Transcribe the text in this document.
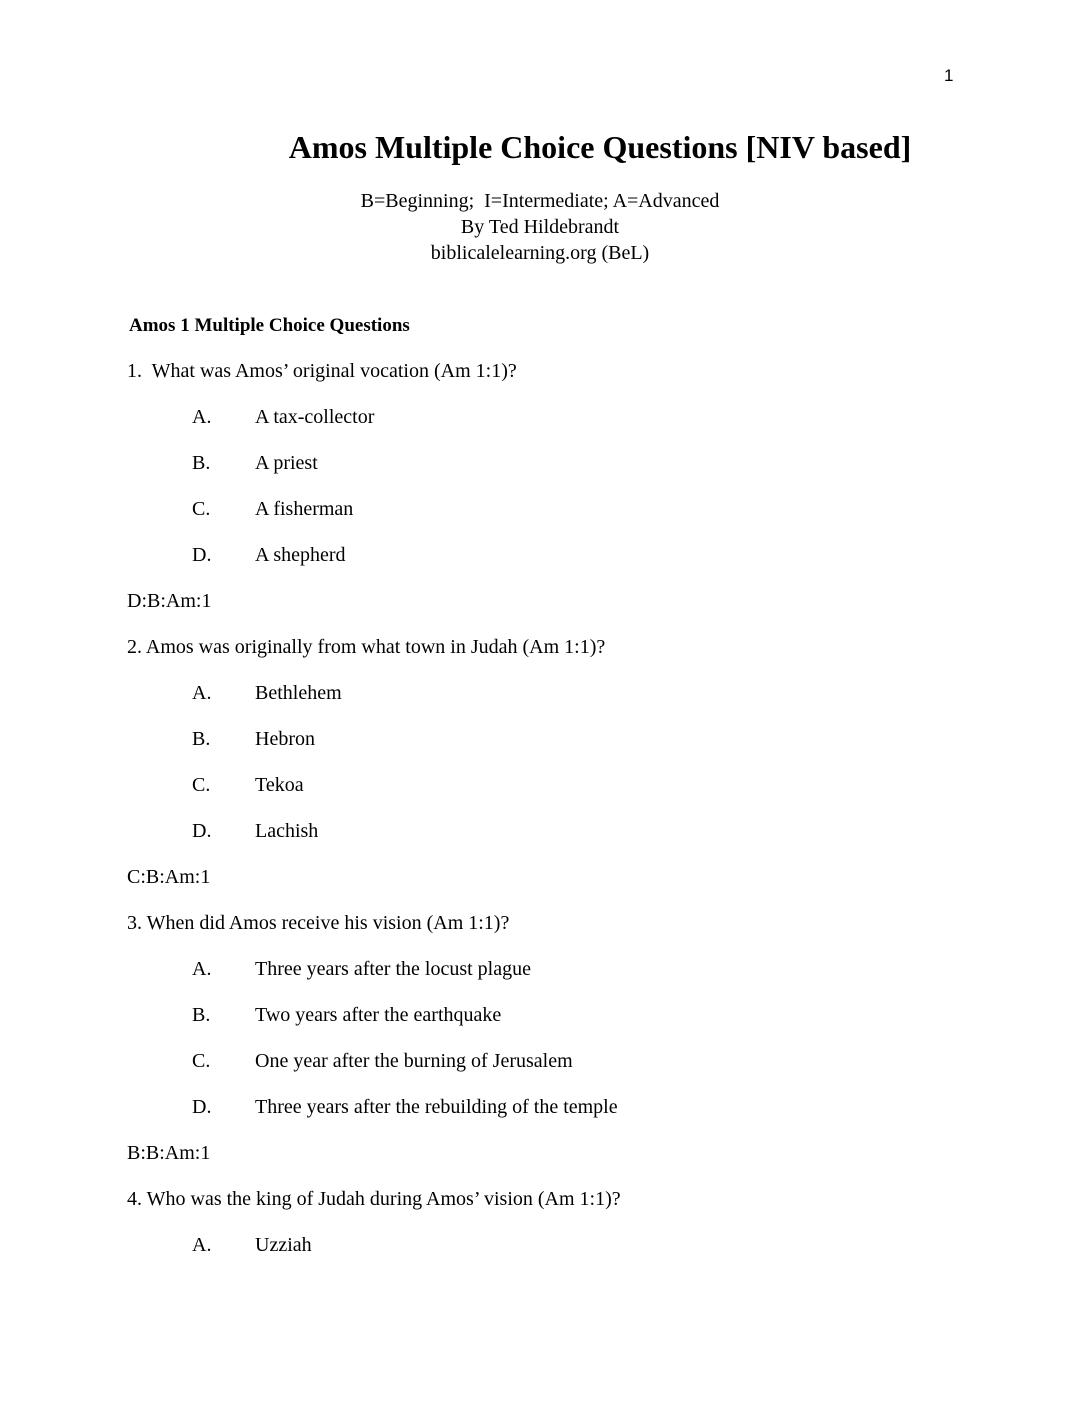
1
Amos Multiple Choice Questions [NIV based]
B=Beginning;  I=Intermediate; A=Advanced
By Ted Hildebrandt
biblicalelearning.org (BeL)
Amos 1 Multiple Choice Questions
1.  What was Amos’ original vocation (Am 1:1)?
A. A tax-collector
B. A priest
C. A fisherman
D. A shepherd
D:B:Am:1
2. Amos was originally from what town in Judah (Am 1:1)?
A. Bethlehem
B. Hebron
C. Tekoa
D. Lachish
C:B:Am:1
3. When did Amos receive his vision (Am 1:1)?
A. Three years after the locust plague
B. Two years after the earthquake
C. One year after the burning of Jerusalem
D. Three years after the rebuilding of the temple
B:B:Am:1
4. Who was the king of Judah during Amos’ vision (Am 1:1)?
A. Uzziah
